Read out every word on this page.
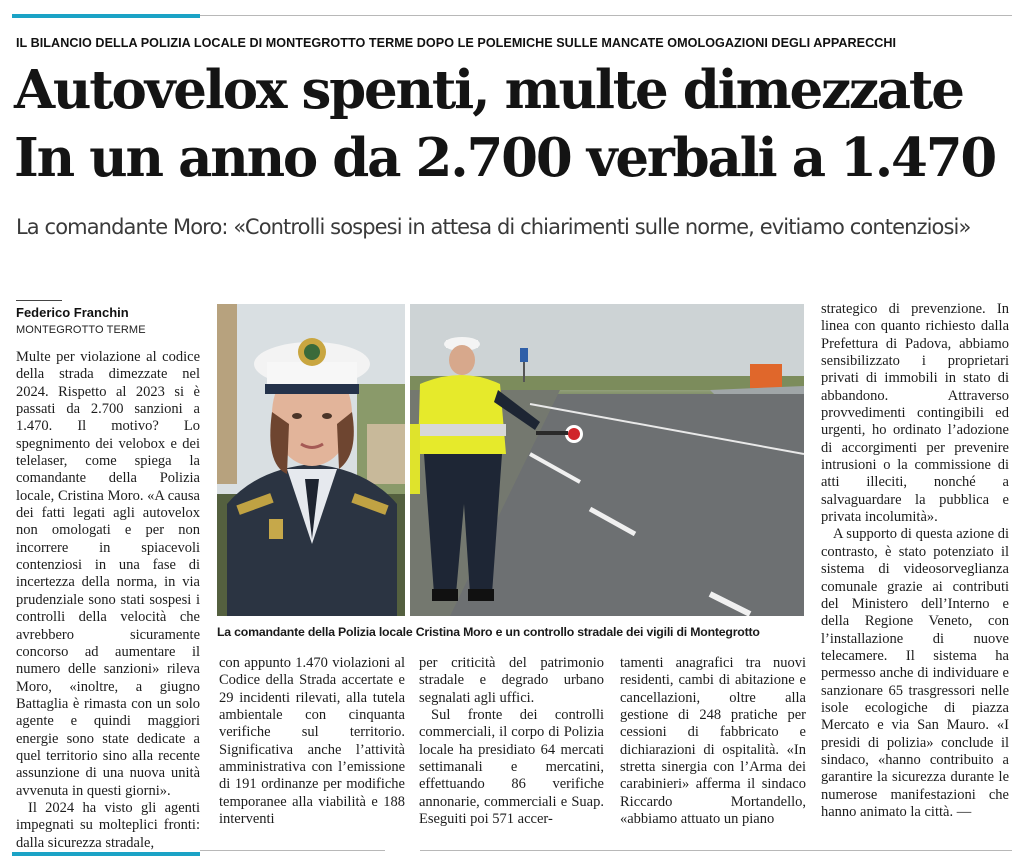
IL BILANCIO DELLA POLIZIA LOCALE DI MONTEGROTTO TERME DOPO LE POLEMICHE SULLE MANCATE OMOLOGAZIONI DEGLI APPARECCHI
Autovelox spenti, multe dimezzate
In un anno da 2.700 verbali a 1.470
La comandante Moro: «Controlli sospesi in attesa di chiarimenti sulle norme, evitiamo contenziosi»
Federico Franchin
MONTEGROTTO TERME

Multe per violazione al codice della strada dimezzate nel 2024. Rispetto al 2023 si è passati da 2.700 sanzioni a 1.470. Il motivo? Lo spegnimento dei velobox e dei telelaser, come spiega la comandante della Polizia locale, Cristina Moro. «A causa dei fatti legati agli autovelox non omologati e per non incorrere in spiacevoli contenziosi in una fase di incertezza della norma, in via prudenziale sono stati sospesi i controlli della velocità che avrebbero sicuramente concorso ad aumentare il numero delle sanzioni» rileva Moro, «inoltre, a giugno Battaglia è rimasta con un solo agente e quindi maggiori energie sono state dedicate a quel territorio sino alla recente assunzione di una nuova unità avvenuta in questi giorni».

Il 2024 ha visto gli agenti impegnati su molteplici fronti: dalla sicurezza stradale,

La comandante della Polizia locale Cristina Moro e un controllo stradale dei vigili di Montegrotto

con appunto 1.470 violazioni al Codice della Strada accertate e 29 incidenti rilevati, alla tutela ambientale con cinquanta verifiche sul territorio. Significativa anche l’attività amministrativa con l’emissione di 191 ordinanze per modifiche temporanee alla viabilità e 188 interventi

per criticità del patrimonio stradale e degrado urbano segnalati agli uffici.

Sul fronte dei controlli commerciali, il corpo di Polizia locale ha presidiato 64 mercati settimanali e mercatini, effettuando 86 verifiche annonarie, commerciali e Suap. Eseguiti poi 571 accer-

tamenti anagrafici tra nuovi residenti, cambi di abitazione e cancellazioni, oltre alla gestione di 248 pratiche per cessioni di fabbricato e dichiarazioni di ospitalità. «In stretta sinergia con l’Arma dei carabinieri» afferma il sindaco Riccardo Mortandello, «abbiamo attuato un piano

strategico di prevenzione. In linea con quanto richiesto dalla Prefettura di Padova, abbiamo sensibilizzato i proprietari privati di immobili in stato di abbandono. Attraverso provvedimenti contingibili ed urgenti, ho ordinato l’adozione di accorgimenti per prevenire intrusioni o la commissione di atti illeciti, nonché a salvaguardare la pubblica e privata incolumità».

A supporto di questa azione di contrasto, è stato potenziato il sistema di videosorveglianza comunale grazie ai contributi del Ministero dell’Interno e della Regione Veneto, con l’installazione di nuove telecamere. Il sistema ha permesso anche di individuare e sanzionare 65 trasgressori nelle isole ecologiche di piazza Mercato e via San Mauro. «I presidi di polizia» conclude il sindaco, «hanno contribuito a garantire la sicurezza durante le numerose manifestazioni che hanno animato la città. —
